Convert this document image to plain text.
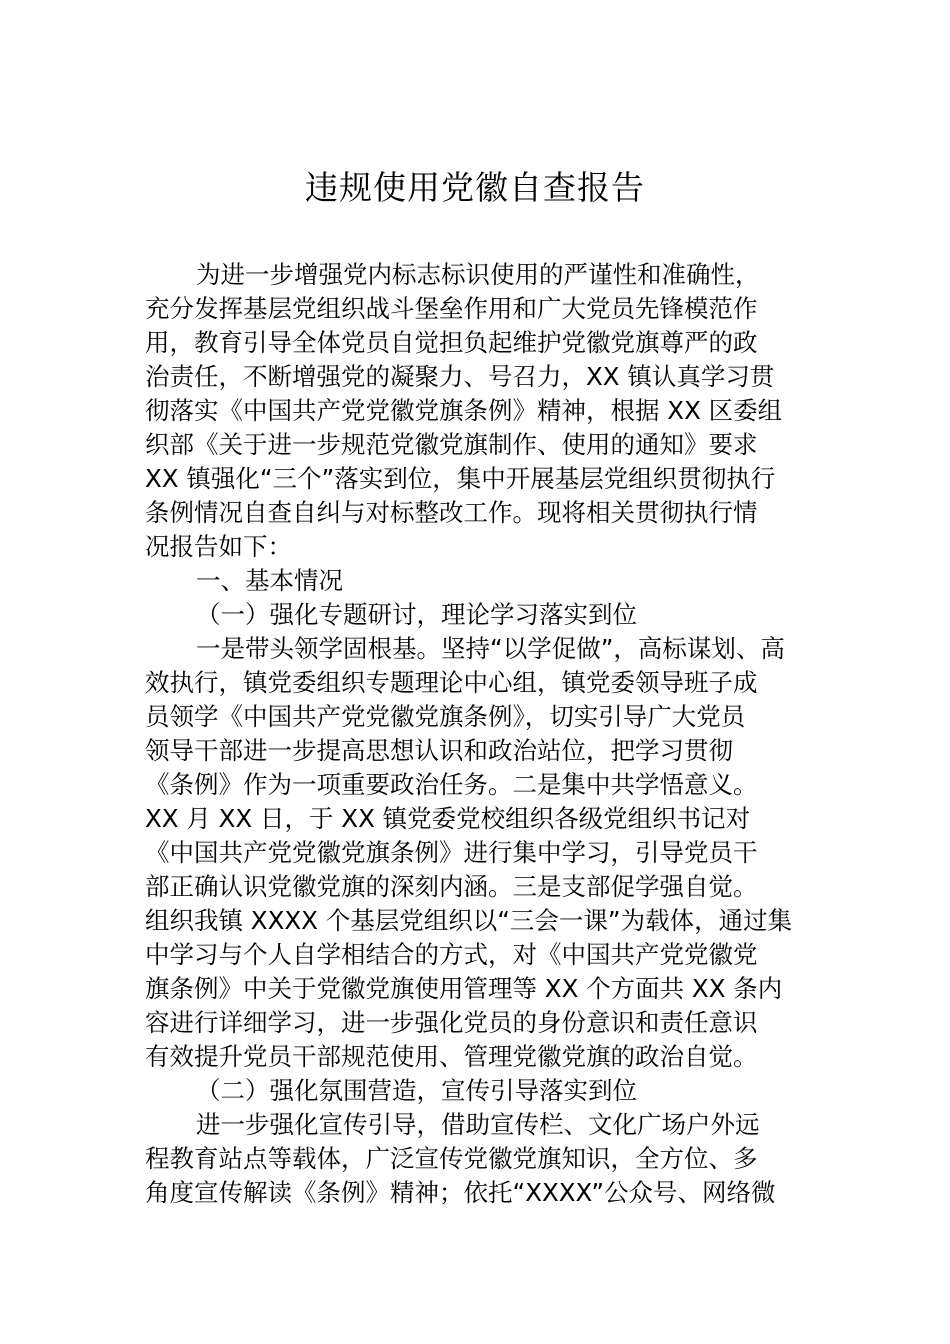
违规使用党徽自查报告
为进一步增强党内标志标识使用的严谨性和准确性，
充分发挥基层党组织战斗堡垒作用和广大党员先锋模范作
用，教育引导全体党员自觉担负起维护党徽党旗尊严的政
治责任，不断增强党的凝聚力、号召力，XX 镇认真学习贯
彻落实《中国共产党党徽党旗条例》精神，根据 XX 区委组
织部《关于进一步规范党徽党旗制作、使用的通知》要求
XX 镇强化“三个”落实到位，集中开展基层党组织贯彻执行
条例情况自查自纠与对标整改工作。现将相关贯彻执行情
况报告如下：
一、基本情况
（一）强化专题研讨，理论学习落实到位
一是带头领学固根基。坚持“以学促做”，高标谋划、高
效执行，镇党委组织专题理论中心组，镇党委领导班子成
员领学《中国共产党党徽党旗条例》，切实引导广大党员
领导干部进一步提高思想认识和政治站位，把学习贯彻
《条例》作为一项重要政治任务。二是集中共学悟意义。
XX 月 XX 日，于 XX 镇党委党校组织各级党组织书记对
《中国共产党党徽党旗条例》进行集中学习，引导党员干
部正确认识党徽党旗的深刻内涵。三是支部促学强自觉。
组织我镇 XXXX 个基层党组织以“三会一课”为载体，通过集
中学习与个人自学相结合的方式，对《中国共产党党徽党
旗条例》中关于党徽党旗使用管理等 XX 个方面共 XX 条内
容进行详细学习，进一步强化党员的身份意识和责任意识
有效提升党员干部规范使用、管理党徽党旗的政治自觉。
（二）强化氛围营造，宣传引导落实到位
进一步强化宣传引导，借助宣传栏、文化广场户外远
程教育站点等载体，广泛宣传党徽党旗知识，全方位、多
角度宣传解读《条例》精神；依托“XXXX”公众号、网络微
